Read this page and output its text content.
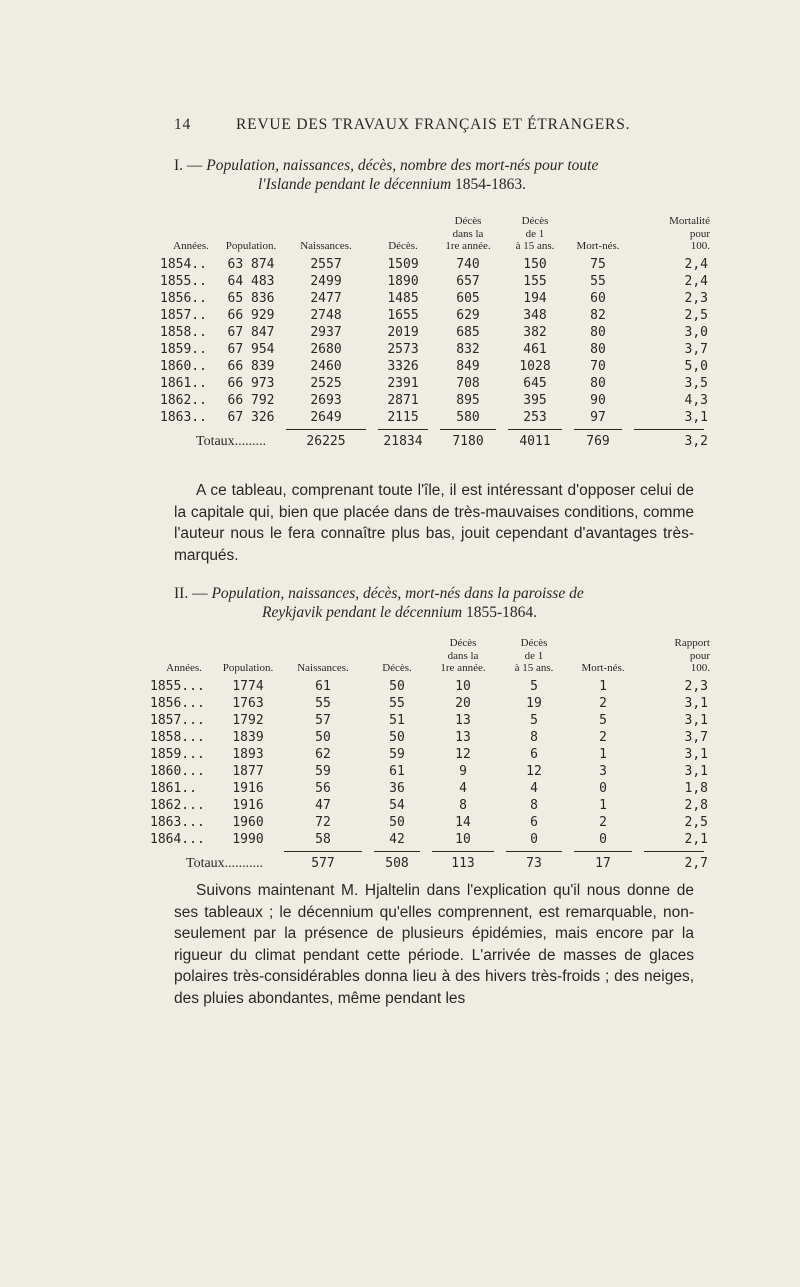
14	REVUE DES TRAVAUX FRANÇAIS ET ÉTRANGERS.
I. — Population, naissances, décès, nombre des mort-nés pour toute
l'Islande pendant le décennium 1854-1863.
Années.	Population.	Naissances.	Décès.	Décès
dans la
1re année.	Décès
de 1
à 15 ans.	Mort-nés.	Mortalité
pour
100.
1854..	63 874	2557	1509	740	150	75	2,4
1855..	64 483	2499	1890	657	155	55	2,4
1856..	65 836	2477	1485	605	194	60	2,3
1857..	66 929	2748	1655	629	348	82	2,5
1858..	67 847	2937	2019	685	382	80	3,0
1859..	67 954	2680	2573	832	461	80	3,7
1860..	66 839	2460	3326	849	1028	70	5,0
1861..	66 973	2525	2391	708	645	80	3,5
1862..	66 792	2693	2871	895	395	90	4,3
1863..	67 326	2649	2115	580	253	97	3,1

Totaux.........		26225	21834	7180	4011	769	3,2

A ce tableau, comprenant toute l'île, il est intéressant d'opposer celui de la capitale qui, bien que placée dans de très-mauvaises conditions, comme l'auteur nous le fera connaître plus bas, jouit cependant d'avantages très-marqués.

II. — Population, naissances, décès, mort-nés dans la paroisse de
Reykjavik pendant le décennium 1855-1864.
Années.	Population.	Naissances.	Décès.	Décès
dans la
1re année.	Décès
de 1
à 15 ans.	Mort-nés.	Rapport
pour
100.
1855...	1774	61	50	10	5	1	2,3
1856...	1763	55	55	20	19	2	3,1
1857...	1792	57	51	13	5	5	3,1
1858...	1839	50	50	13	8	2	3,7
1859...	1893	62	59	12	6	1	3,1
1860...	1877	59	61	9	12	3	3,1
1861..	1916	56	36	4	4	0	1,8
1862...	1916	47	54	8	8	1	2,8
1863...	1960	72	50	14	6	2	2,5
1864...	1990	58	42	10	0	0	2,1

Totaux...........		577	508	113	73	17	2,7

Suivons maintenant M. Hjaltelin dans l'explication qu'il nous donne de ses tableaux ; le décennium qu'elles comprennent, est remarquable, non-seulement par la présence de plusieurs épidémies, mais encore par la rigueur du climat pendant cette période. L'arrivée de masses de glaces polaires très-considérables donna lieu à des hivers très-froids ; des neiges, des pluies abondantes, même pendant les
